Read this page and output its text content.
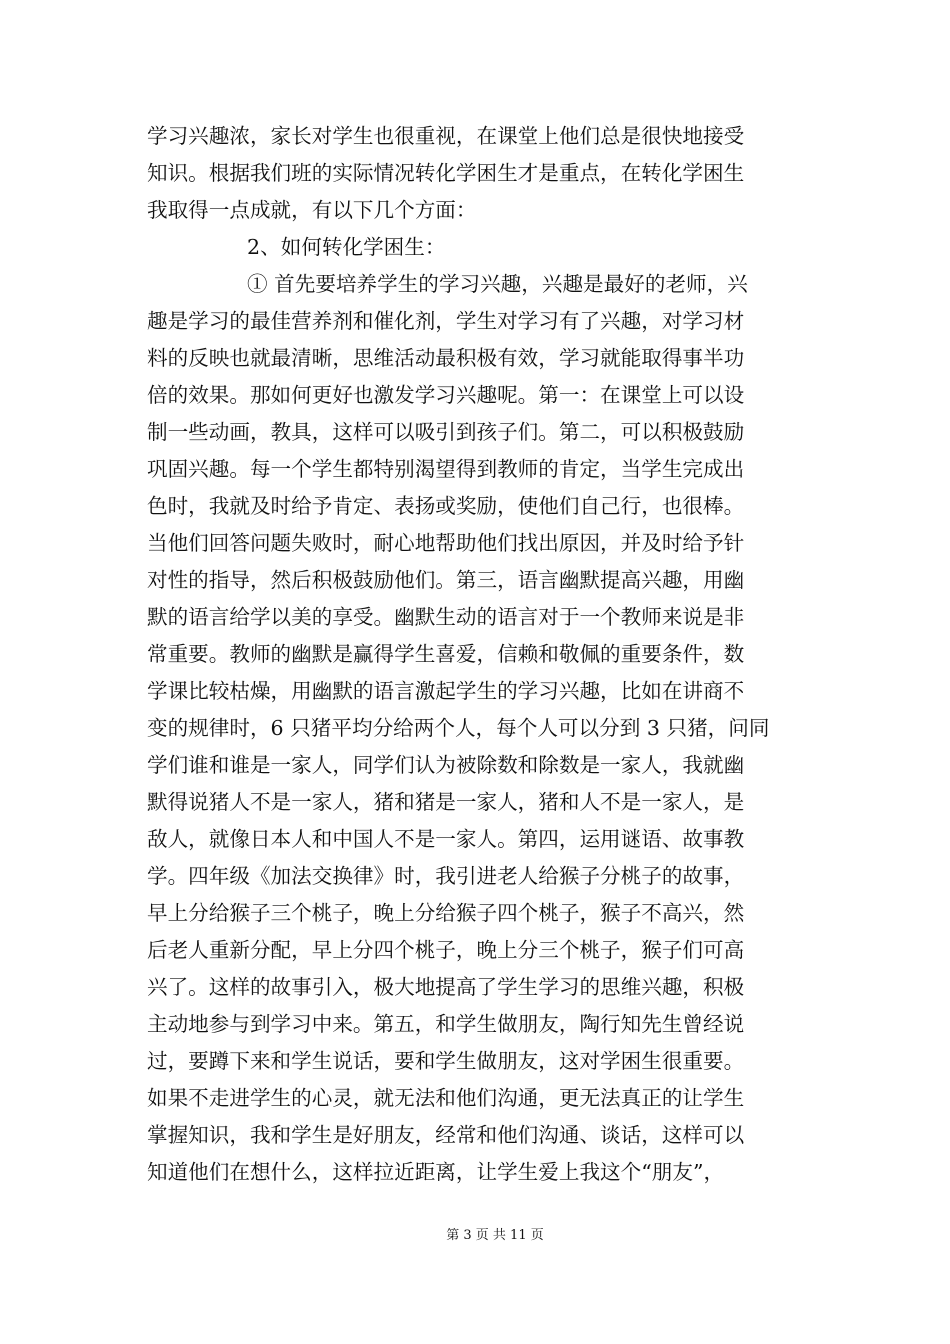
学习兴趣浓，家长对学生也很重视，在课堂上他们总是很快地接受
知识。根据我们班的实际情况转化学困生才是重点，在转化学困生
我取得一点成就，有以下几个方面：
2、如何转化学困生：
① 首先要培养学生的学习兴趣，兴趣是最好的老师，兴
趣是学习的最佳营养剂和催化剂，学生对学习有了兴趣，对学习材
料的反映也就最清晰，思维活动最积极有效，学习就能取得事半功
倍的效果。那如何更好也激发学习兴趣呢。第一：在课堂上可以设
制一些动画，教具，这样可以吸引到孩子们。第二，可以积极鼓励
巩固兴趣。每一个学生都特别渴望得到教师的肯定，当学生完成出
色时，我就及时给予肯定、表扬或奖励，使他们自己行，也很棒。
当他们回答问题失败时，耐心地帮助他们找出原因，并及时给予针
对性的指导，然后积极鼓励他们。第三，语言幽默提高兴趣，用幽
默的语言给学以美的享受。幽默生动的语言对于一个教师来说是非
常重要。教师的幽默是赢得学生喜爱，信赖和敬佩的重要条件，数
学课比较枯燥，用幽默的语言激起学生的学习兴趣，比如在讲商不
变的规律时，6 只猪平均分给两个人，每个人可以分到 3 只猪，问同
学们谁和谁是一家人，同学们认为被除数和除数是一家人，我就幽
默得说猪人不是一家人，猪和猪是一家人，猪和人不是一家人，是
敌人，就像日本人和中国人不是一家人。第四，运用谜语、故事教
学。四年级《加法交换律》时，我引进老人给猴子分桃子的故事，
早上分给猴子三个桃子，晚上分给猴子四个桃子，猴子不高兴，然
后老人重新分配，早上分四个桃子，晚上分三个桃子，猴子们可高
兴了。这样的故事引入，极大地提高了学生学习的思维兴趣，积极
主动地参与到学习中来。第五，和学生做朋友，陶行知先生曾经说
过，要蹲下来和学生说话，要和学生做朋友，这对学困生很重要。
如果不走进学生的心灵，就无法和他们沟通，更无法真正的让学生
掌握知识，我和学生是好朋友，经常和他们沟通、谈话，这样可以
知道他们在想什么，这样拉近距离，让学生爱上我这个“朋友”，
第 3 页 共 11 页
